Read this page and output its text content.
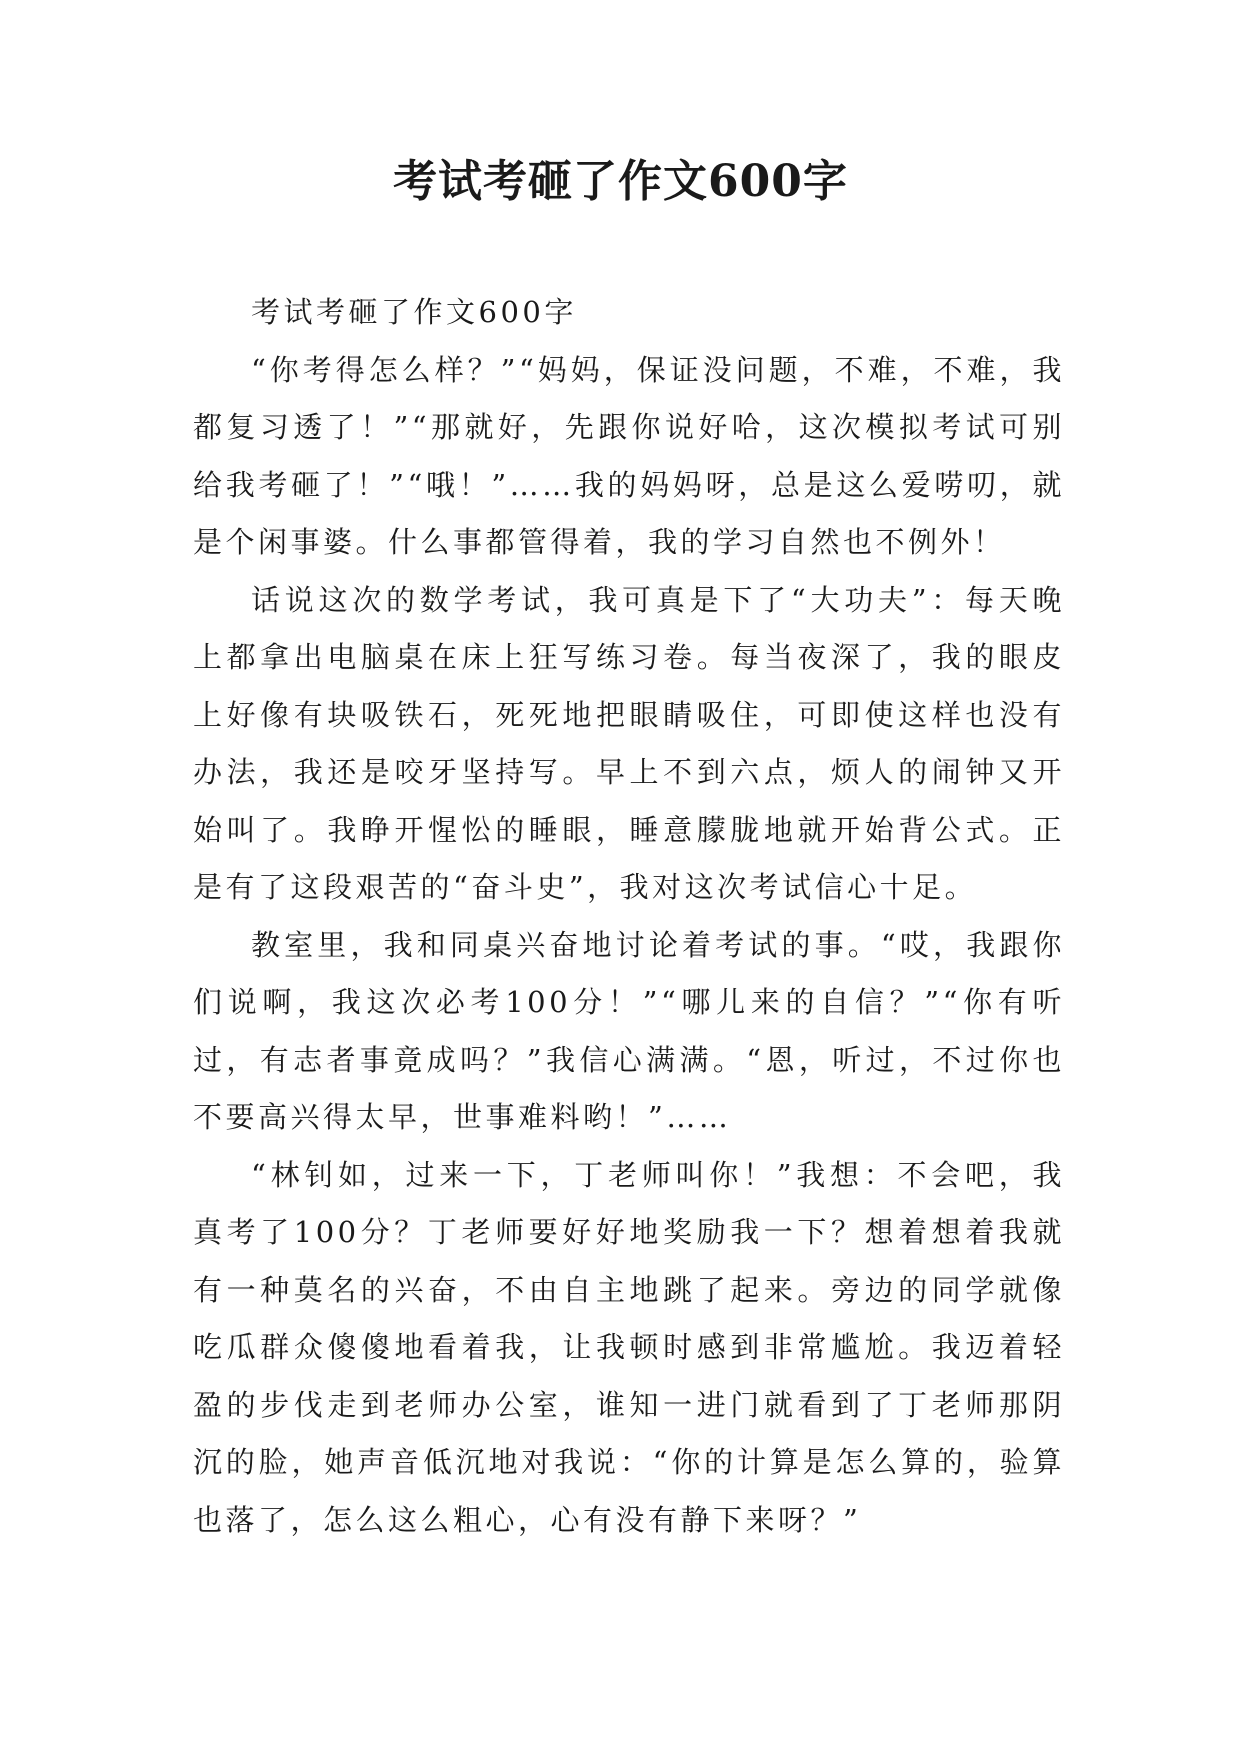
考试考砸了作文600字

考试考砸了作文600字

“你考得怎么样？”“妈妈，保证没问题，不难，不难，我都复习透了！”“那就好，先跟你说好哈，这次模拟考试可别给我考砸了！”“哦！”……我的妈妈呀，总是这么爱唠叨，就是个闲事婆。什么事都管得着，我的学习自然也不例外！

话说这次的数学考试，我可真是下了“大功夫”：每天晚上都拿出电脑桌在床上狂写练习卷。每当夜深了，我的眼皮上好像有块吸铁石，死死地把眼睛吸住，可即使这样也没有办法，我还是咬牙坚持写。早上不到六点，烦人的闹钟又开始叫了。我睁开惺忪的睡眼，睡意朦胧地就开始背公式。正是有了这段艰苦的“奋斗史”，我对这次考试信心十足。

教室里，我和同桌兴奋地讨论着考试的事。“哎，我跟你们说啊，我这次必考100分！”“哪儿来的自信？”“你有听过，有志者事竟成吗？”我信心满满。“恩，听过，不过你也不要高兴得太早，世事难料哟！”……

“林钊如，过来一下，丁老师叫你！”我想：不会吧，我真考了100分？丁老师要好好地奖励我一下？想着想着我就有一种莫名的兴奋，不由自主地跳了起来。旁边的同学就像吃瓜群众傻傻地看着我，让我顿时感到非常尴尬。我迈着轻盈的步伐走到老师办公室，谁知一进门就看到了丁老师那阴沉的脸，她声音低沉地对我说：“你的计算是怎么算的，验算也落了，怎么这么粗心，心有没有静下来呀？”
